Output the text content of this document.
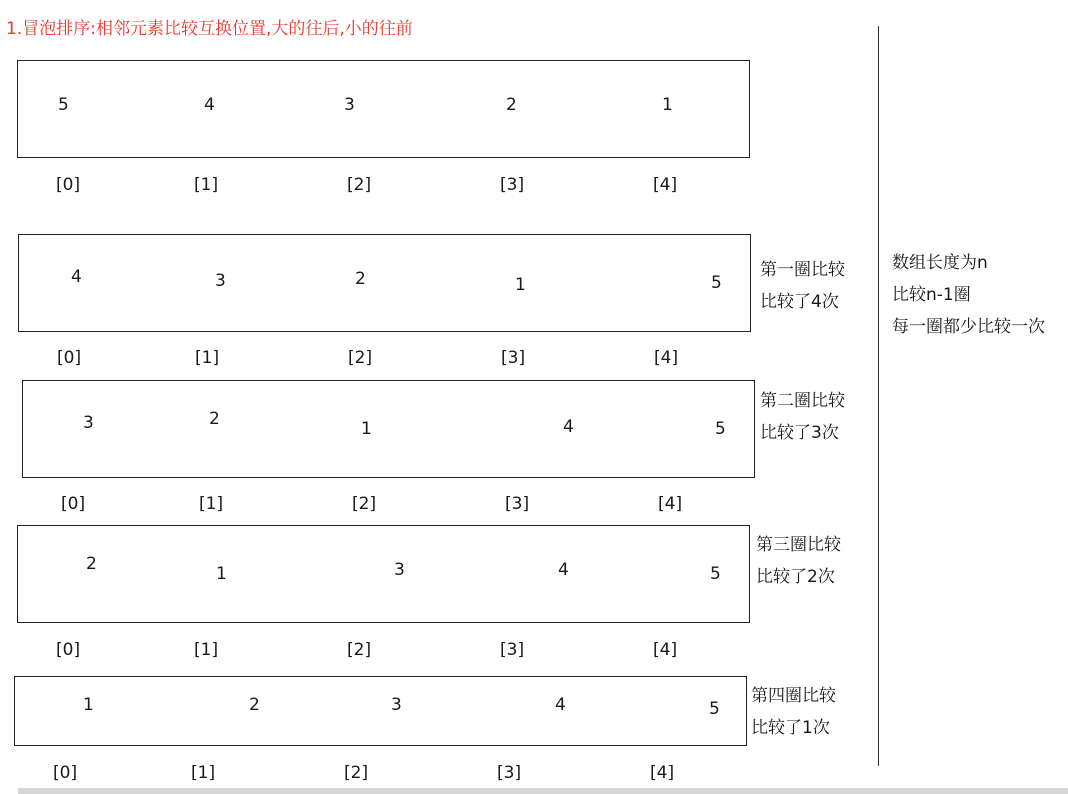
1.冒泡排序:相邻元素比较互换位置,大的往后,小的往前
5	4	3	2	1
[0]	[1]	[2]	[3]	[4]
4	3	2	1	5
[0]	[1]	[2]	[3]	[4]
第一圈比较
比较了4次
3	2	1	4	5
[0]	[1]	[2]	[3]	[4]
第二圈比较
比较了3次
2	1	3	4	5
[0]	[1]	[2]	[3]	[4]
第三圈比较
比较了2次
1	2	3	4	5
[0]	[1]	[2]	[3]	[4]
第四圈比较
比较了1次
数组长度为n
比较n-1圈
每一圈都少比较一次
